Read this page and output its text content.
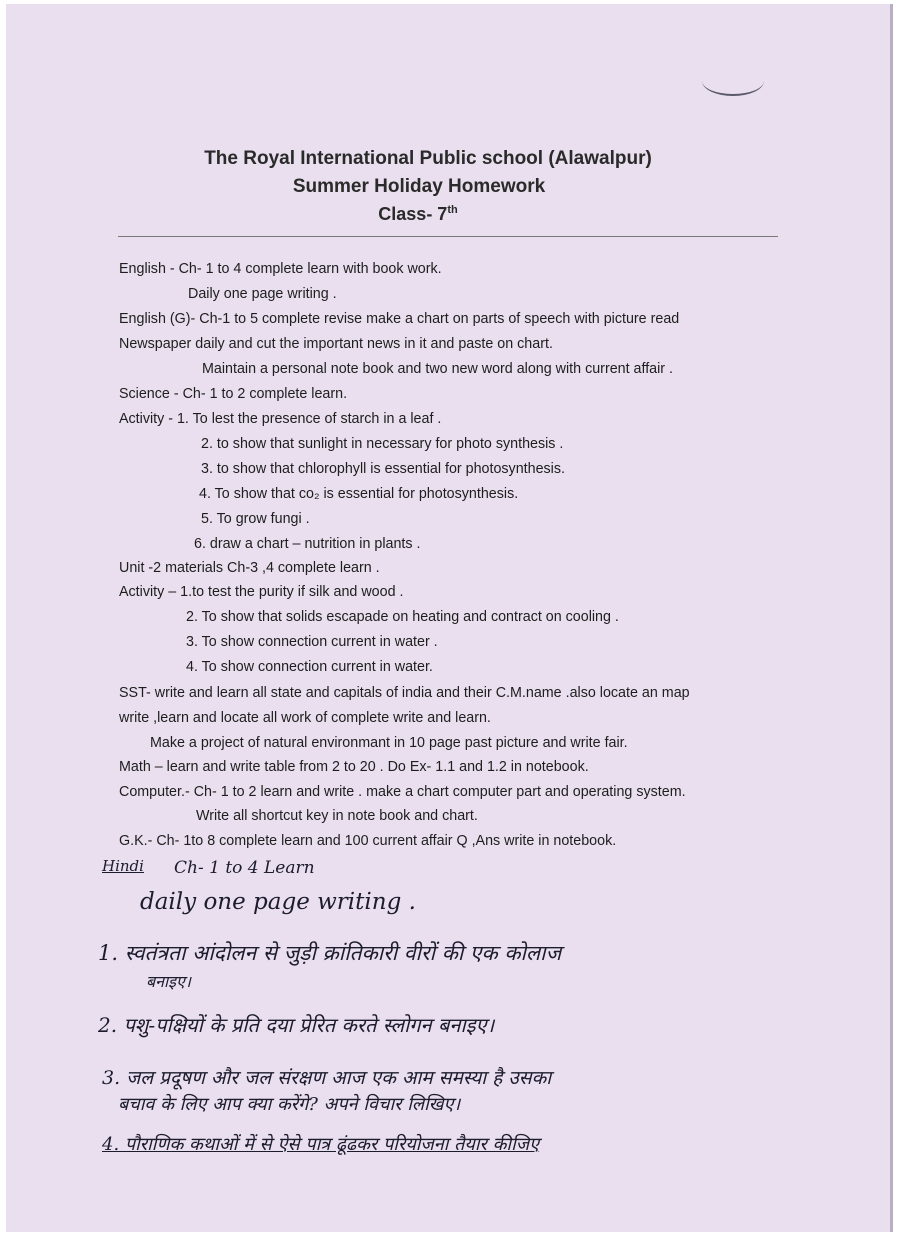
The Royal International Public school (Alawalpur)
Summer Holiday Homework
Class- 7th
English - Ch- 1 to 4 complete learn with book work.
Daily one page writing .
English (G)- Ch-1 to 5 complete revise make a chart on parts of speech with picture read
Newspaper daily and cut the important news in it and paste on chart.
Maintain a personal note book and two new word along with current affair .
Science - Ch- 1 to 2 complete learn.
Activity - 1. To lest the presence of starch in a leaf .
2. to show that sunlight in necessary for photo synthesis .
3. to show that chlorophyll is essential for photosynthesis.
4. To show that co₂ is essential for photosynthesis.
5. To grow fungi .
6. draw a chart – nutrition in plants .
Unit -2 materials Ch-3 ,4 complete learn .
Activity – 1.to test the purity if silk and wood .
2. To show that solids escapade on heating and contract on cooling .
3. To show connection current in water .
4. To show connection current in water.
SST- write and learn all state and capitals of india and their C.M.name .also locate an map
write ,learn and locate all work of complete write and learn.
Make a project of natural environmant in 10 page past picture and write fair.
Math – learn and write table from 2 to 20 . Do Ex- 1.1 and 1.2 in notebook.
Computer.- Ch- 1 to 2 learn and write . make a chart computer part and operating system.
Write all shortcut key in note book and chart.
G.K.- Ch- 1to 8 complete learn and 100 current affair Q ,Ans write in notebook.
Hindi Ch- 1 to 4 Learn
daily one page writing .
1. स्वतंत्रता आंदोलन से जुड़ी क्रांतिकारी वीरों की एक कोलाज
बनाइए।
2. पशु-पक्षियों के प्रति दया प्रेरित करते स्लोगन बनाइए।
3. जल प्रदूषण और जल संरक्षण आज एक आम समस्या है उसका
बचाव के लिए आप क्या करेंगे? अपने विचार लिखिए।
4. पौराणिक कथाओं में से ऐसे पात्र ढूंढकर परियोजना तैयार कीजिए
